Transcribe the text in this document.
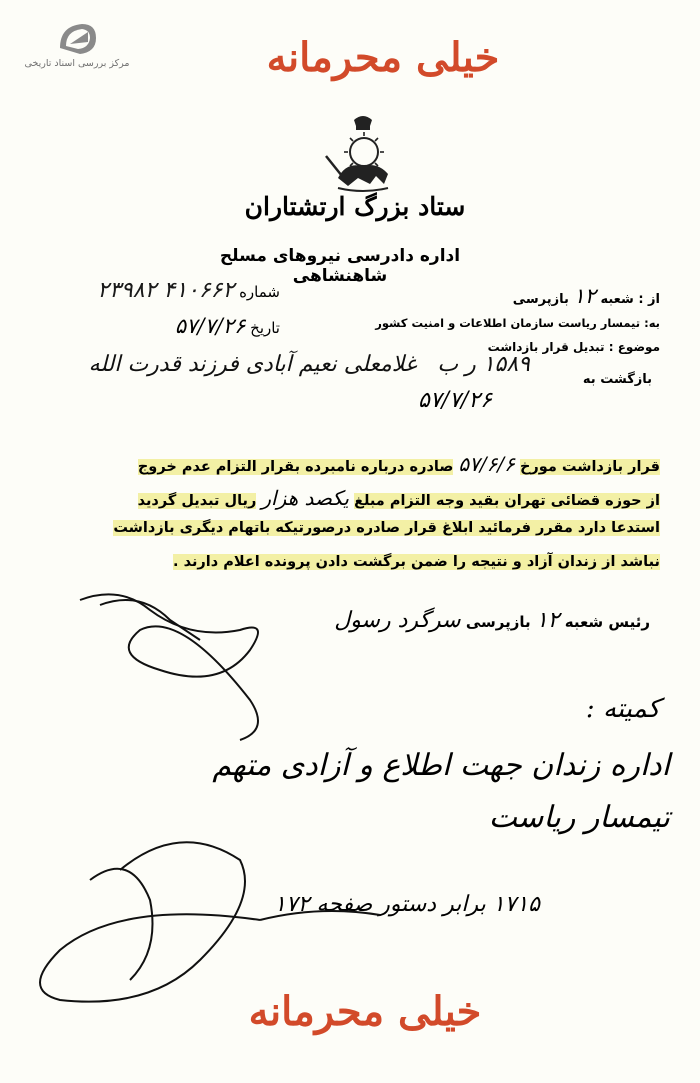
مرکز بررسی اسناد تاریخی	خیلی محرمانه
ستاد بزرگ ارتشتاران
اداره دادرسی نیروهای مسلح شاهنشاهی
شماره ۴۱۰۶۶۲ ۲۳۹۸۲
تاریخ ۵۷/۷/۲۶
از : شعبه ۱۲ بازپرسی
به: تیمسار ریاست سازمان اطلاعات و امنیت کشور
موضوع : تبدیل قرار بازداشت
بازگشت به
۱۵۸۹ ر ب   غلامعلی نعیم آبادی فرزند قدرت الله
۵۷/۷/۲۶
قرار بازداشت مورخ ۵۷/۶/۶ صادره درباره نامبرده بقرار التزام عدم خروج
از حوزه قضائی تهران بقید وجه التزام مبلغ یکصد هزار ریال تبدیل گردید
استدعا دارد مقرر فرمائید ابلاغ قرار صادره درصورتیکه باتهام دیگری بازداشت
نباشد از زندان آزاد و نتیجه را ضمن برگشت دادن پرونده اعلام دارند .
رئیس شعبه ۱۲ بازپرسی سرگرد رسول
کمیته :
اداره زندان جهت اطلاع و آزادی متهم
تیمسار ریاست
۱۷۱۵ برابر دستور صفحه ۱۷۲
خیلی محرمانه
